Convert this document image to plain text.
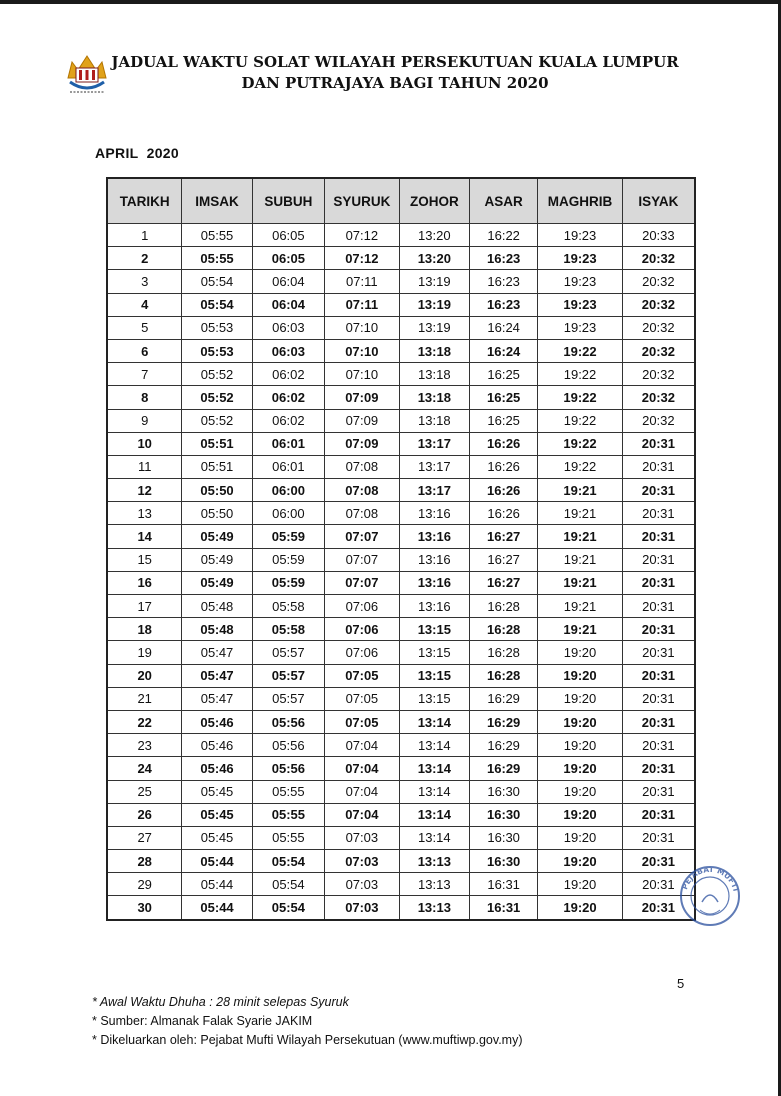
JADUAL WAKTU SOLAT WILAYAH PERSEKUTUAN KUALA LUMPUR
DAN PUTRAJAYA BAGI TAHUN 2020
APRIL  2020
TARIKH	IMSAK	SUBUH	SYURUK	ZOHOR	ASAR	MAGHRIB	ISYAK
1	05:55	06:05	07:12	13:20	16:22	19:23	20:33
2	05:55	06:05	07:12	13:20	16:23	19:23	20:32
3	05:54	06:04	07:11	13:19	16:23	19:23	20:32
4	05:54	06:04	07:11	13:19	16:23	19:23	20:32
5	05:53	06:03	07:10	13:19	16:24	19:23	20:32
6	05:53	06:03	07:10	13:18	16:24	19:22	20:32
7	05:52	06:02	07:10	13:18	16:25	19:22	20:32
8	05:52	06:02	07:09	13:18	16:25	19:22	20:32
9	05:52	06:02	07:09	13:18	16:25	19:22	20:32
10	05:51	06:01	07:09	13:17	16:26	19:22	20:31
11	05:51	06:01	07:08	13:17	16:26	19:22	20:31
12	05:50	06:00	07:08	13:17	16:26	19:21	20:31
13	05:50	06:00	07:08	13:16	16:26	19:21	20:31
14	05:49	05:59	07:07	13:16	16:27	19:21	20:31
15	05:49	05:59	07:07	13:16	16:27	19:21	20:31
16	05:49	05:59	07:07	13:16	16:27	19:21	20:31
17	05:48	05:58	07:06	13:16	16:28	19:21	20:31
18	05:48	05:58	07:06	13:15	16:28	19:21	20:31
19	05:47	05:57	07:06	13:15	16:28	19:20	20:31
20	05:47	05:57	07:05	13:15	16:28	19:20	20:31
21	05:47	05:57	07:05	13:15	16:29	19:20	20:31
22	05:46	05:56	07:05	13:14	16:29	19:20	20:31
23	05:46	05:56	07:04	13:14	16:29	19:20	20:31
24	05:46	05:56	07:04	13:14	16:29	19:20	20:31
25	05:45	05:55	07:04	13:14	16:30	19:20	20:31
26	05:45	05:55	07:04	13:14	16:30	19:20	20:31
27	05:45	05:55	07:03	13:14	16:30	19:20	20:31
28	05:44	05:54	07:03	13:13	16:30	19:20	20:31
29	05:44	05:54	07:03	13:13	16:31	19:20	20:31
30	05:44	05:54	07:03	13:13	16:31	19:20	20:31
PEJABAT MUFTI
5
* Awal Waktu Dhuha : 28 minit selepas Syuruk
* Sumber: Almanak Falak Syarie JAKIM
* Dikeluarkan oleh: Pejabat Mufti Wilayah Persekutuan (www.muftiwp.gov.my)
